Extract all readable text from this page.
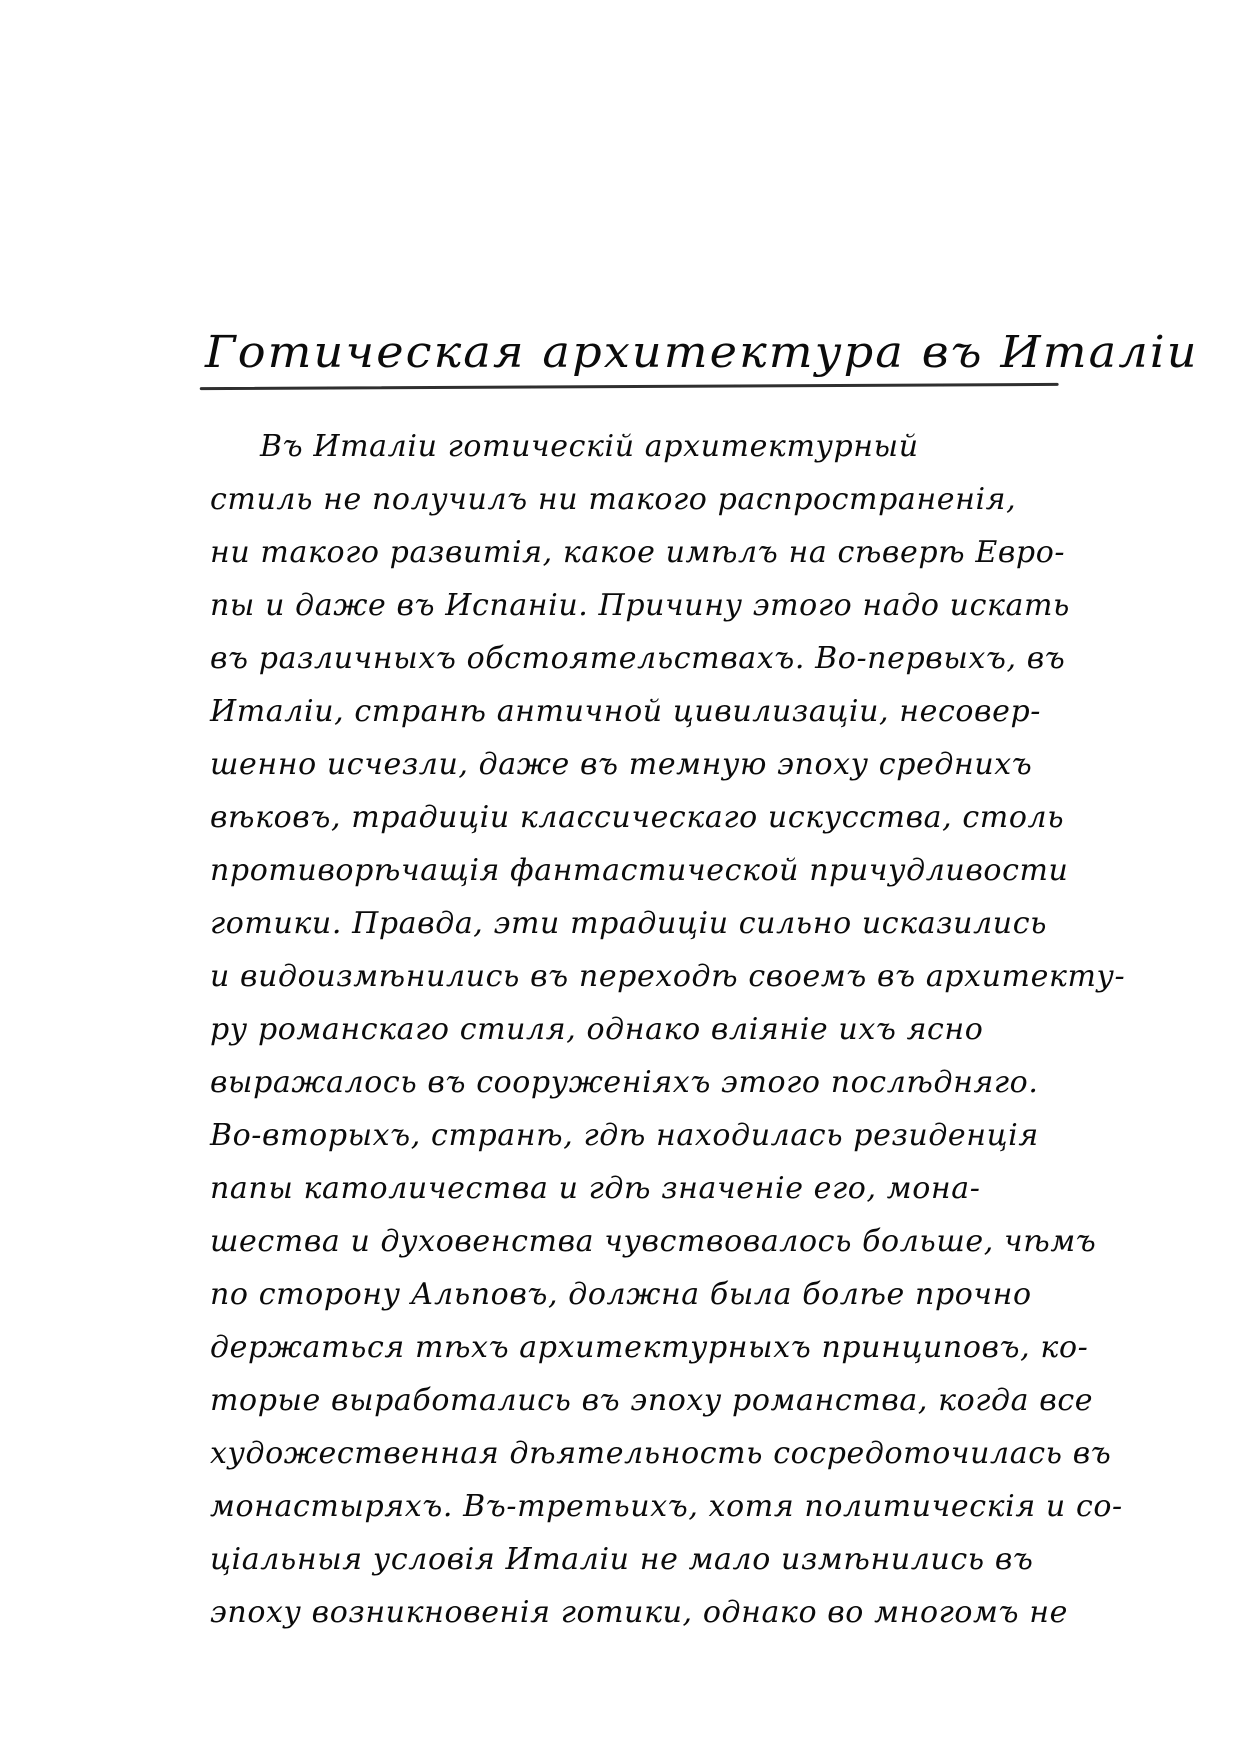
Готическая архитектура въ Италіи
Въ Италіи готическій архитектурный
стиль не получилъ ни такого распространенія,
ни такого развитія, какое имѣлъ на сѣверѣ Евро-
пы и даже въ Испаніи. Причину этого надо искать
въ различныхъ обстоятельствахъ. Во-первыхъ, въ
Италіи, странѣ античной цивилизаціи, несовер-
шенно исчезли, даже въ темную эпоху среднихъ
вѣковъ, традиціи классическаго искусства, столь
противорѣчащія фантастической причудливости
готики. Правда, эти традиціи сильно исказились
и видоизмѣнились въ переходѣ своемъ въ архитекту-
ру романскаго стиля, однако вліяніе ихъ ясно
выражалось въ сооруженіяхъ этого послѣдняго.
Во-вторыхъ, странѣ, гдѣ находилась резиденція
папы католичества и гдѣ значеніе его, мона-
шества и духовенства чувствовалось больше, чѣмъ
по сторону Альповъ, должна была болѣе прочно
держаться тѣхъ архитектурныхъ принциповъ, ко-
торые выработались въ эпоху романства, когда все
художественная дѣятельность сосредоточилась въ
монастыряхъ. Въ-третьихъ, хотя политическія и со-
ціальныя условія Италіи не мало измѣнились въ
эпоху возникновенія готики, однако во многомъ не
